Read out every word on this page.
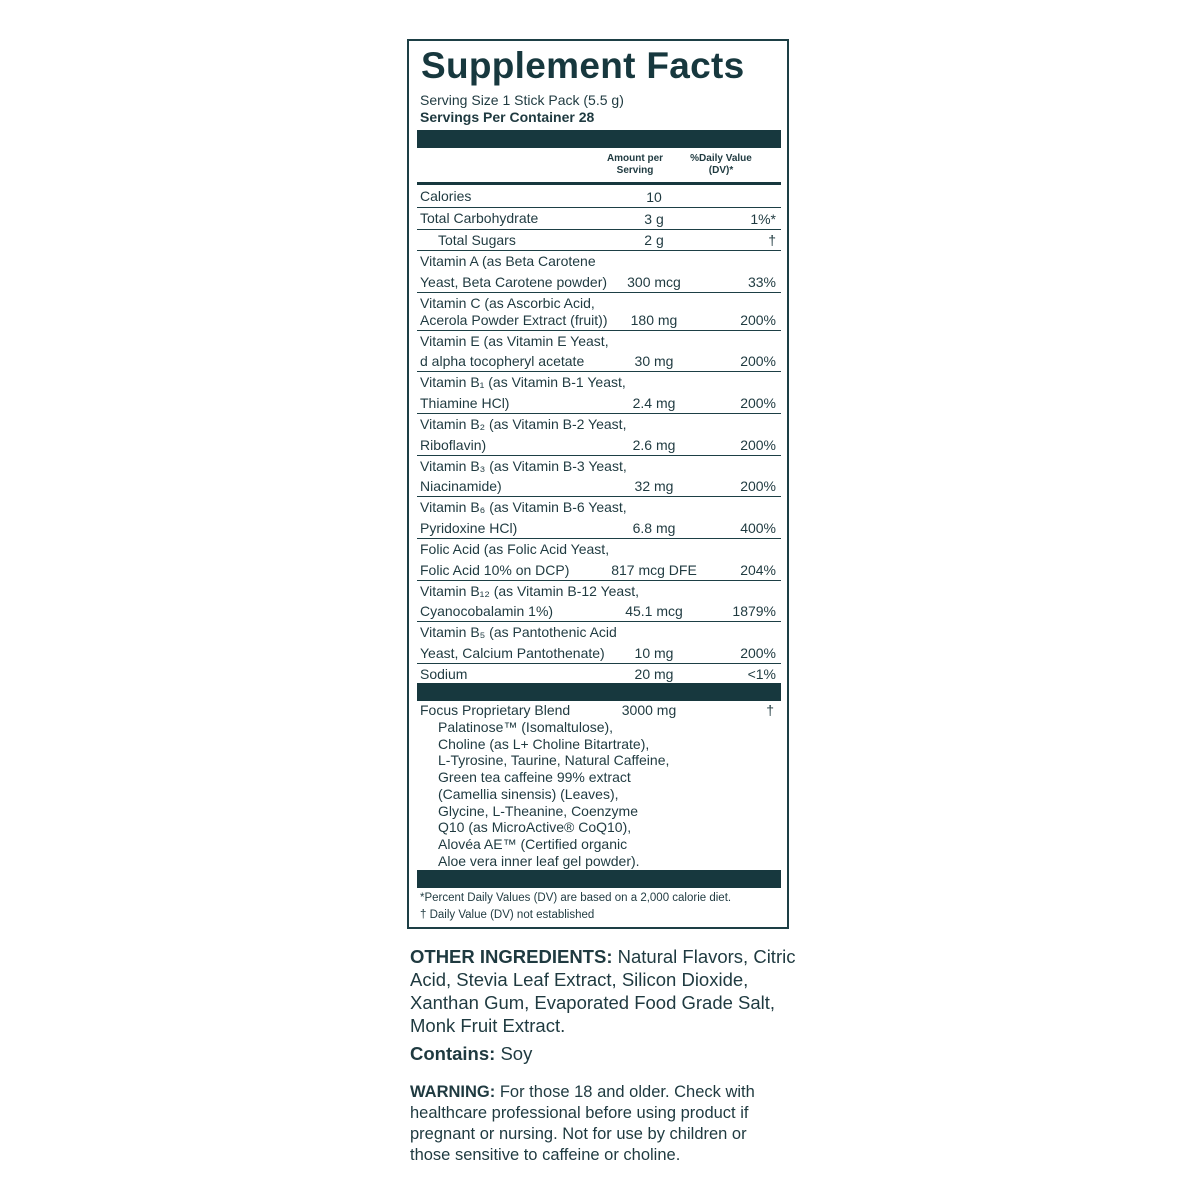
Supplement Facts
Serving Size 1 Stick Pack (5.5 g)
Servings Per Container 28
Amount per Serving
%Daily Value (DV)*
Calories	10
Total Carbohydrate	3 g	1%*
Total Sugars	2 g	†
Vitamin A (as Beta Carotene
Yeast, Beta Carotene powder)	300 mcg	33%
Vitamin C (as Ascorbic Acid,
Acerola Powder Extract (fruit))	180 mg	200%
Vitamin E (as Vitamin E Yeast,
d alpha tocopheryl acetate	30 mg	200%
Vitamin B₁ (as Vitamin B-1 Yeast,
Thiamine HCl)	2.4 mg	200%
Vitamin B₂ (as Vitamin B-2 Yeast,
Riboflavin)	2.6 mg	200%
Vitamin B₃ (as Vitamin B-3 Yeast,
Niacinamide)	32 mg	200%
Vitamin B₆ (as Vitamin B-6 Yeast,
Pyridoxine HCl)	6.8 mg	400%
Folic Acid (as Folic Acid Yeast,
Folic Acid 10% on DCP)	817 mcg DFE	204%
Vitamin B₁₂ (as Vitamin B-12 Yeast,
Cyanocobalamin 1%)	45.1 mcg	1879%
Vitamin B₅ (as Pantothenic Acid
Yeast, Calcium Pantothenate)	10 mg	200%
Sodium	20 mg	<1%
Focus Proprietary Blend	3000 mg	†
Palatinose™ (Isomaltulose),
Choline (as L+ Choline Bitartrate),
L-Tyrosine, Taurine, Natural Caffeine,
Green tea caffeine 99% extract
(Camellia sinensis) (Leaves),
Glycine, L-Theanine, Coenzyme
Q10 (as MicroActive® CoQ10),
Alovéa AE™ (Certified organic
Aloe vera inner leaf gel powder).
*Percent Daily Values (DV) are based on a 2,000 calorie diet.
† Daily Value (DV) not established
OTHER INGREDIENTS: Natural Flavors, Citric Acid, Stevia Leaf Extract, Silicon Dioxide, Xanthan Gum, Evaporated Food Grade Salt, Monk Fruit Extract.
Contains: Soy
WARNING: For those 18 and older. Check with healthcare professional before using product if pregnant or nursing. Not for use by children or those sensitive to caffeine or choline.
